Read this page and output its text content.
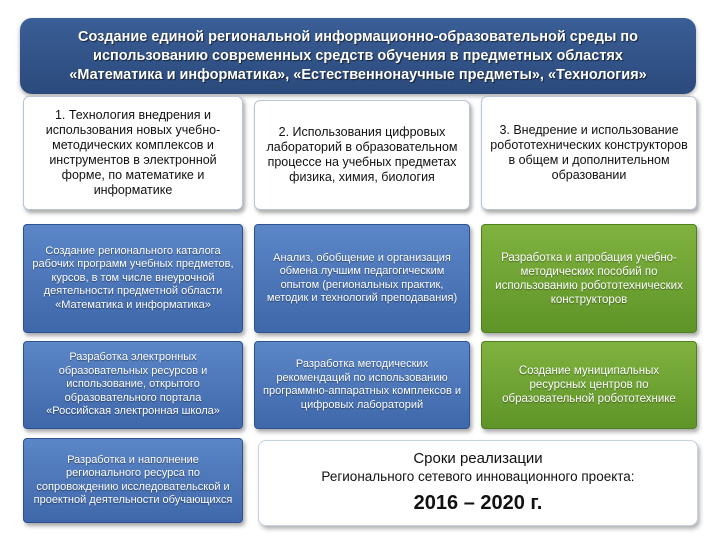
Создание единой региональной информационно-образовательной среды по
использованию современных средств обучения в предметных областях
«Математика и информатика», «Естественнонаучные предметы», «Технология»
1. Технология внедрения и использования новых учебно-методических комплексов и инструментов в электронной форме, по математике и информатике
2. Использования цифровых лабораторий в образовательном процессе на учебных предметах физика, химия, биология
3. Внедрение и использование робототехнических конструкторов в общем и дополнительном образовании
Создание регионального каталога рабочих программ учебных предметов, курсов, в том числе внеурочной деятельности предметной области «Математика и информатика»
Разработка электронных образовательных ресурсов и использование, открытого образовательного портала «Российская электронная школа»
Разработка и наполнение регионального ресурса по сопровождению исследовательской и проектной деятельности обучающихся
Анализ, обобщение и организация обмена лучшим педагогическим опытом (региональных практик, методик и технологий преподавания)
Разработка методических рекомендаций по использованию программно-аппаратных комплексов и цифровых лабораторий
Разработка и апробация учебно-методических пособий по использованию робототехнических конструкторов
Создание муниципальных ресурсных центров по образовательной робототехнике
Сроки реализации
Регионального сетевого инновационного проекта:
2016 – 2020 г.
